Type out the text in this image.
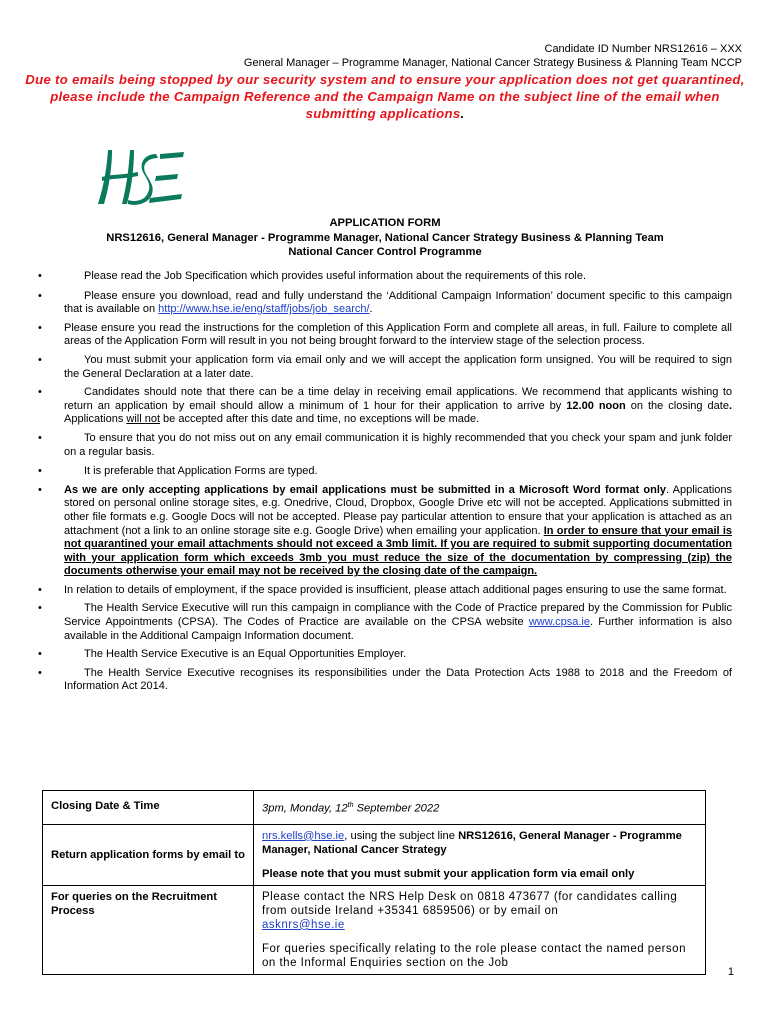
Candidate ID Number NRS12616 – XXX
General Manager – Programme Manager, National Cancer Strategy Business & Planning Team NCCP
Due to emails being stopped by our security system and to ensure your application does not get quarantined, please include the Campaign Reference and the Campaign Name on the subject line of the email when submitting applications.
APPLICATION FORM
NRS12616, General Manager - Programme Manager, National Cancer Strategy Business & Planning Team
National Cancer Control Programme
•	Please read the Job Specification which provides useful information about the requirements of this role.
•	Please ensure you download, read and fully understand the ‘Additional Campaign Information’ document specific to this campaign that is available on http://www.hse.ie/eng/staff/jobs/job_search/.
• Please ensure you read the instructions for the completion of this Application Form and complete all areas, in full. Failure to complete all areas of the Application Form will result in you not being brought forward to the interview stage of the selection process.
•	You must submit your application form via email only and we will accept the application form unsigned. You will be required to sign the General Declaration at a later date.
•	Candidates should note that there can be a time delay in receiving email applications. We recommend that applicants wishing to return an application by email should allow a minimum of 1 hour for their application to arrive by 12.00 noon on the closing date. Applications will not be accepted after this date and time, no exceptions will be made.
•	To ensure that you do not miss out on any email communication it is highly recommended that you check your spam and junk folder on a regular basis.
•	It is preferable that Application Forms are typed.
• As we are only accepting applications by email applications must be submitted in a Microsoft Word format only. Applications stored on personal online storage sites, e.g. Onedrive, Cloud, Dropbox, Google Drive etc will not be accepted. Applications submitted in other file formats e.g. Google Docs will not be accepted. Please pay particular attention to ensure that your application is attached as an attachment (not a link to an online storage site e.g. Google Drive) when emailing your application. In order to ensure that your email is not quarantined your email attachments should not exceed a 3mb limit. If you are required to submit supporting documentation with your application form which exceeds 3mb you must reduce the size of the documentation by compressing (zip) the documents otherwise your email may not be received by the closing date of the campaign.
• In relation to details of employment, if the space provided is insufficient, please attach additional pages ensuring to use the same format.
•	The Health Service Executive will run this campaign in compliance with the Code of Practice prepared by the Commission for Public Service Appointments (CPSA). The Codes of Practice are available on the CPSA website www.cpsa.ie. Further information is also available in the Additional Campaign Information document.
•	The Health Service Executive is an Equal Opportunities Employer.
•	The Health Service Executive recognises its responsibilities under the Data Protection Acts 1988 to 2018 and the Freedom of Information Act 2014.
Closing Date & Time	3pm, Monday, 12th September 2022
Return application forms by email to	nrs.kells@hse.ie, using the subject line NRS12616, General Manager - Programme Manager, National Cancer Strategy
Please note that you must submit your application form via email only

For queries on the Recruitment Process	Please contact the NRS Help Desk on 0818 473677 (for candidates calling from outside Ireland +35341 6859506) or by email on
asknrs@hse.ie
For queries specifically relating to the role please contact the named person on the Informal Enquiries section on the Job
1
